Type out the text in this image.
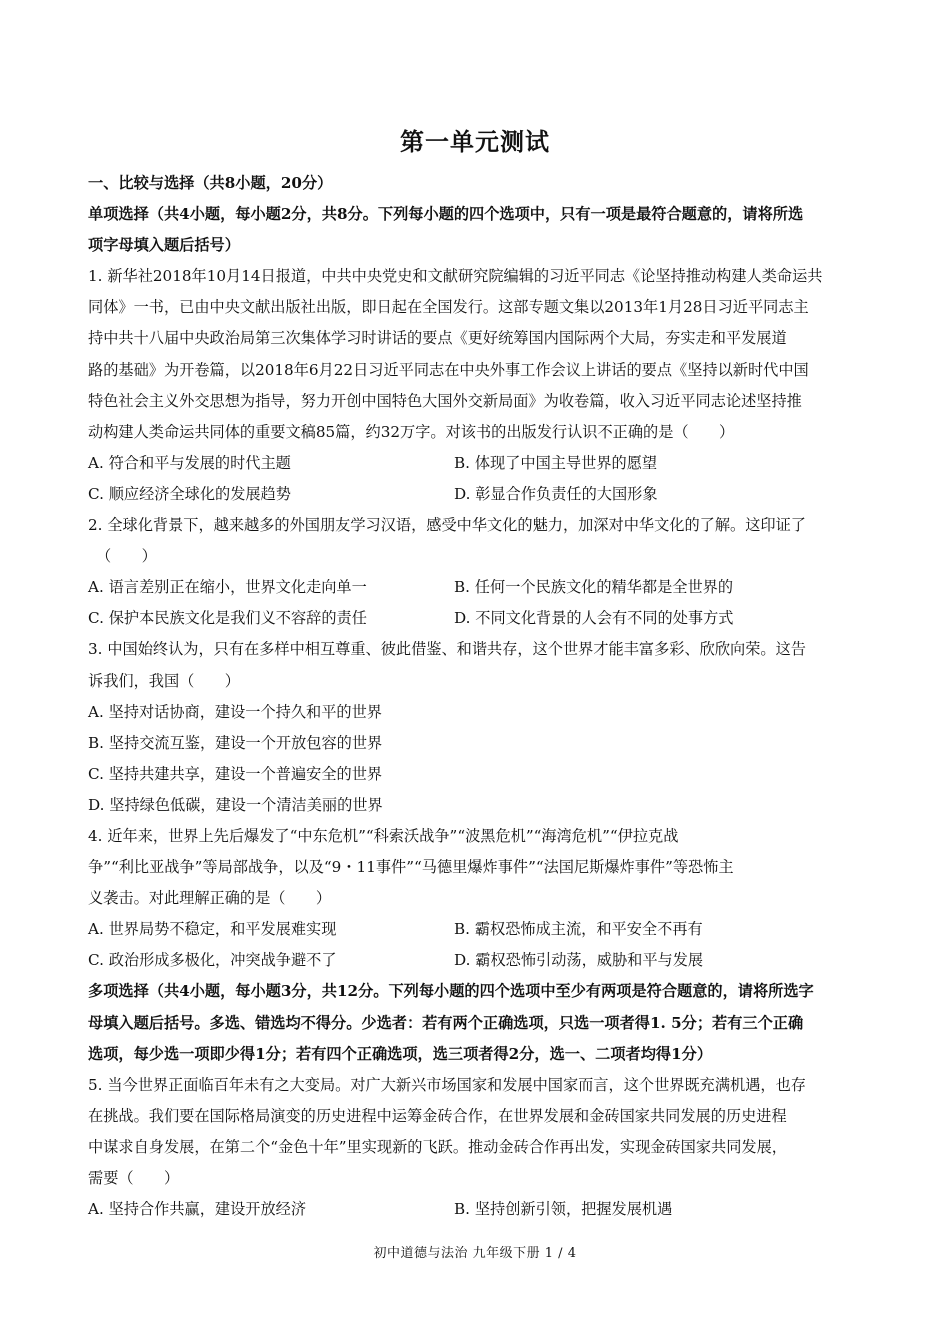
第一单元测试
一、比较与选择（共8小题，20分）
单项选择（共4小题，每小题2分，共8分。下列每小题的四个选项中，只有一项是最符合题意的，请将所选
项字母填入题后括号）
1. 新华社2018年10月14日报道，中共中央党史和文献研究院编辑的习近平同志《论坚持推动构建人类命运共
同体》一书，已由中央文献出版社出版，即日起在全国发行。这部专题文集以2013年1月28日习近平同志主
持中共十八届中央政治局第三次集体学习时讲话的要点《更好统筹国内国际两个大局，夯实走和平发展道
路的基础》为开卷篇，以2018年6月22日习近平同志在中央外事工作会议上讲话的要点《坚持以新时代中国
特色社会主义外交思想为指导，努力开创中国特色大国外交新局面》为收卷篇，收入习近平同志论述坚持推
动构建人类命运共同体的重要文稿85篇，约32万字。对该书的出版发行认识不正确的是（　　）
A. 符合和平与发展的时代主题	B. 体现了中国主导世界的愿望
C. 顺应经济全球化的发展趋势	D. 彰显合作负责任的大国形象
2. 全球化背景下，越来越多的外国朋友学习汉语，感受中华文化的魅力，加深对中华文化的了解。这印证了
（　　）
A. 语言差别正在缩小，世界文化走向单一	B. 任何一个民族文化的精华都是全世界的
C. 保护本民族文化是我们义不容辞的责任	D. 不同文化背景的人会有不同的处事方式
3. 中国始终认为，只有在多样中相互尊重、彼此借鉴、和谐共存，这个世界才能丰富多彩、欣欣向荣。这告
诉我们，我国（　　）
A. 坚持对话协商，建设一个持久和平的世界
B. 坚持交流互鉴，建设一个开放包容的世界
C. 坚持共建共享，建设一个普遍安全的世界
D. 坚持绿色低碳，建设一个清洁美丽的世界
4. 近年来，世界上先后爆发了“中东危机”“科索沃战争”“波黑危机”“海湾危机”“伊拉克战
争”“利比亚战争”等局部战争，以及“9・11事件”“马德里爆炸事件”“法国尼斯爆炸事件”等恐怖主
义袭击。对此理解正确的是（　　）
A. 世界局势不稳定，和平发展难实现	B. 霸权恐怖成主流，和平安全不再有
C. 政治形成多极化，冲突战争避不了	D. 霸权恐怖引动荡，威胁和平与发展
多项选择（共4小题，每小题3分，共12分。下列每小题的四个选项中至少有两项是符合题意的，请将所选字
母填入题后括号。多选、错选均不得分。少选者：若有两个正确选项，只选一项者得1. 5分；若有三个正确
选项，每少选一项即少得1分；若有四个正确选项，选三项者得2分，选一、二项者均得1分）
5. 当今世界正面临百年未有之大变局。对广大新兴市场国家和发展中国家而言，这个世界既充满机遇，也存
在挑战。我们要在国际格局演变的历史进程中运筹金砖合作，在世界发展和金砖国家共同发展的历史进程
中谋求自身发展，在第二个“金色十年”里实现新的飞跃。推动金砖合作再出发，实现金砖国家共同发展，
需要（　　）
A. 坚持合作共赢，建设开放经济	B. 坚持创新引领，把握发展机遇
初中道德与法治 九年级下册 1 / 4
